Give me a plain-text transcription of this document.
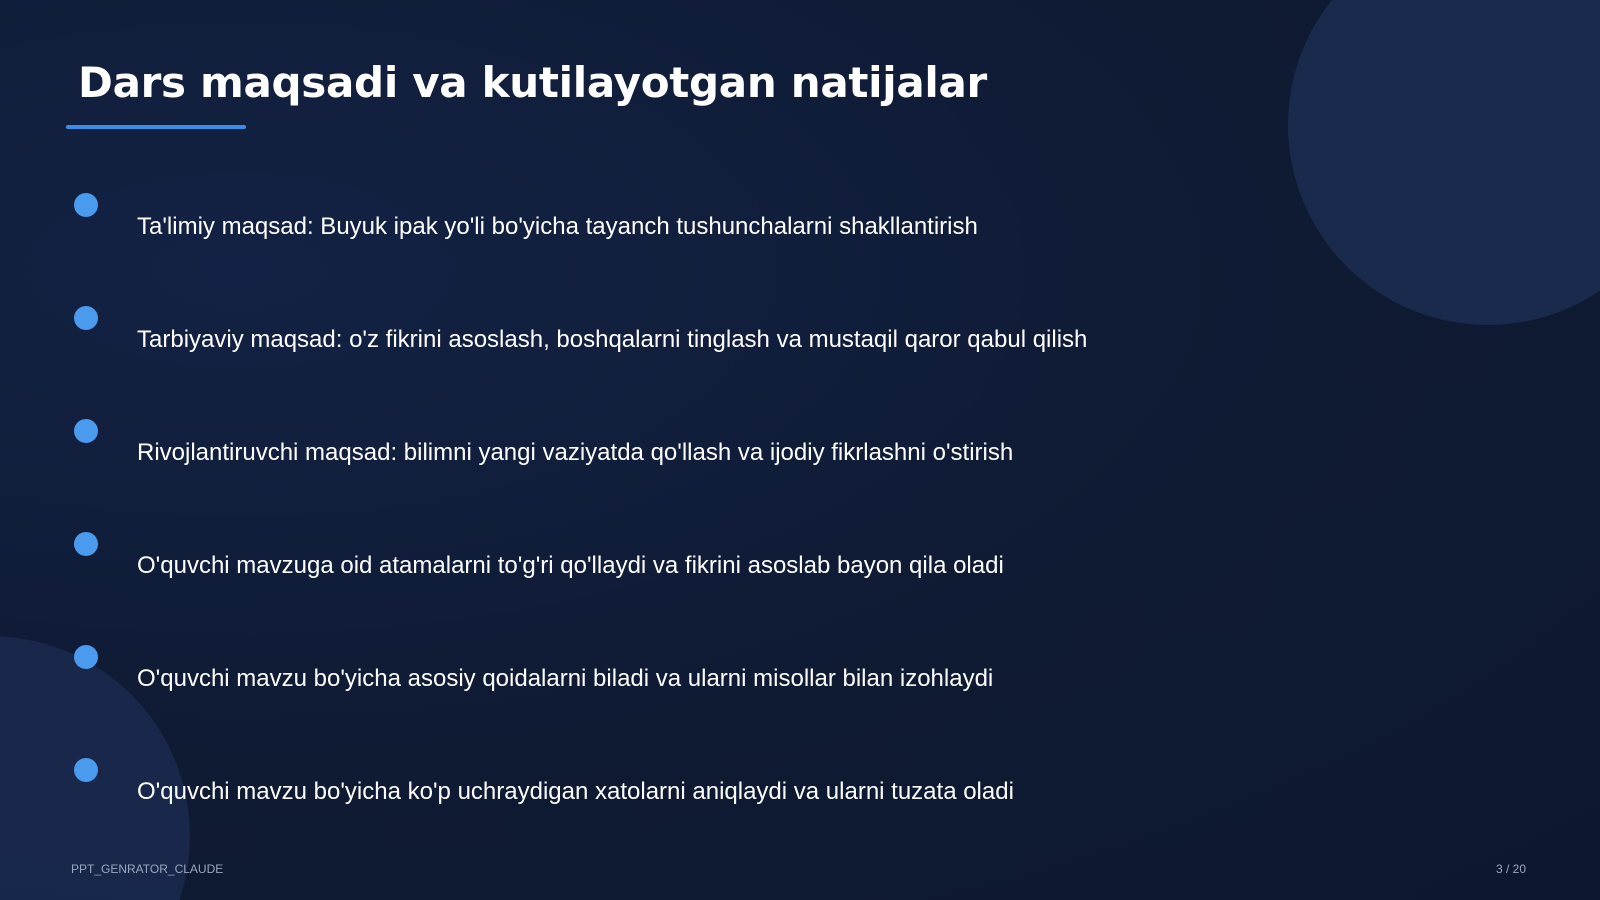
Dars maqsadi va kutilayotgan natijalar
Ta'limiy maqsad: Buyuk ipak yo'li bo'yicha tayanch tushunchalarni shakllantirish
Tarbiyaviy maqsad: o'z fikrini asoslash, boshqalarni tinglash va mustaqil qaror qabul qilish
Rivojlantiruvchi maqsad: bilimni yangi vaziyatda qo'llash va ijodiy fikrlashni o'stirish
O'quvchi mavzuga oid atamalarni to'g'ri qo'llaydi va fikrini asoslab bayon qila oladi
O'quvchi mavzu bo'yicha asosiy qoidalarni biladi va ularni misollar bilan izohlaydi
O'quvchi mavzu bo'yicha ko'p uchraydigan xatolarni aniqlaydi va ularni tuzata oladi
PPT_GENRATOR_CLAUDE	3 / 20
